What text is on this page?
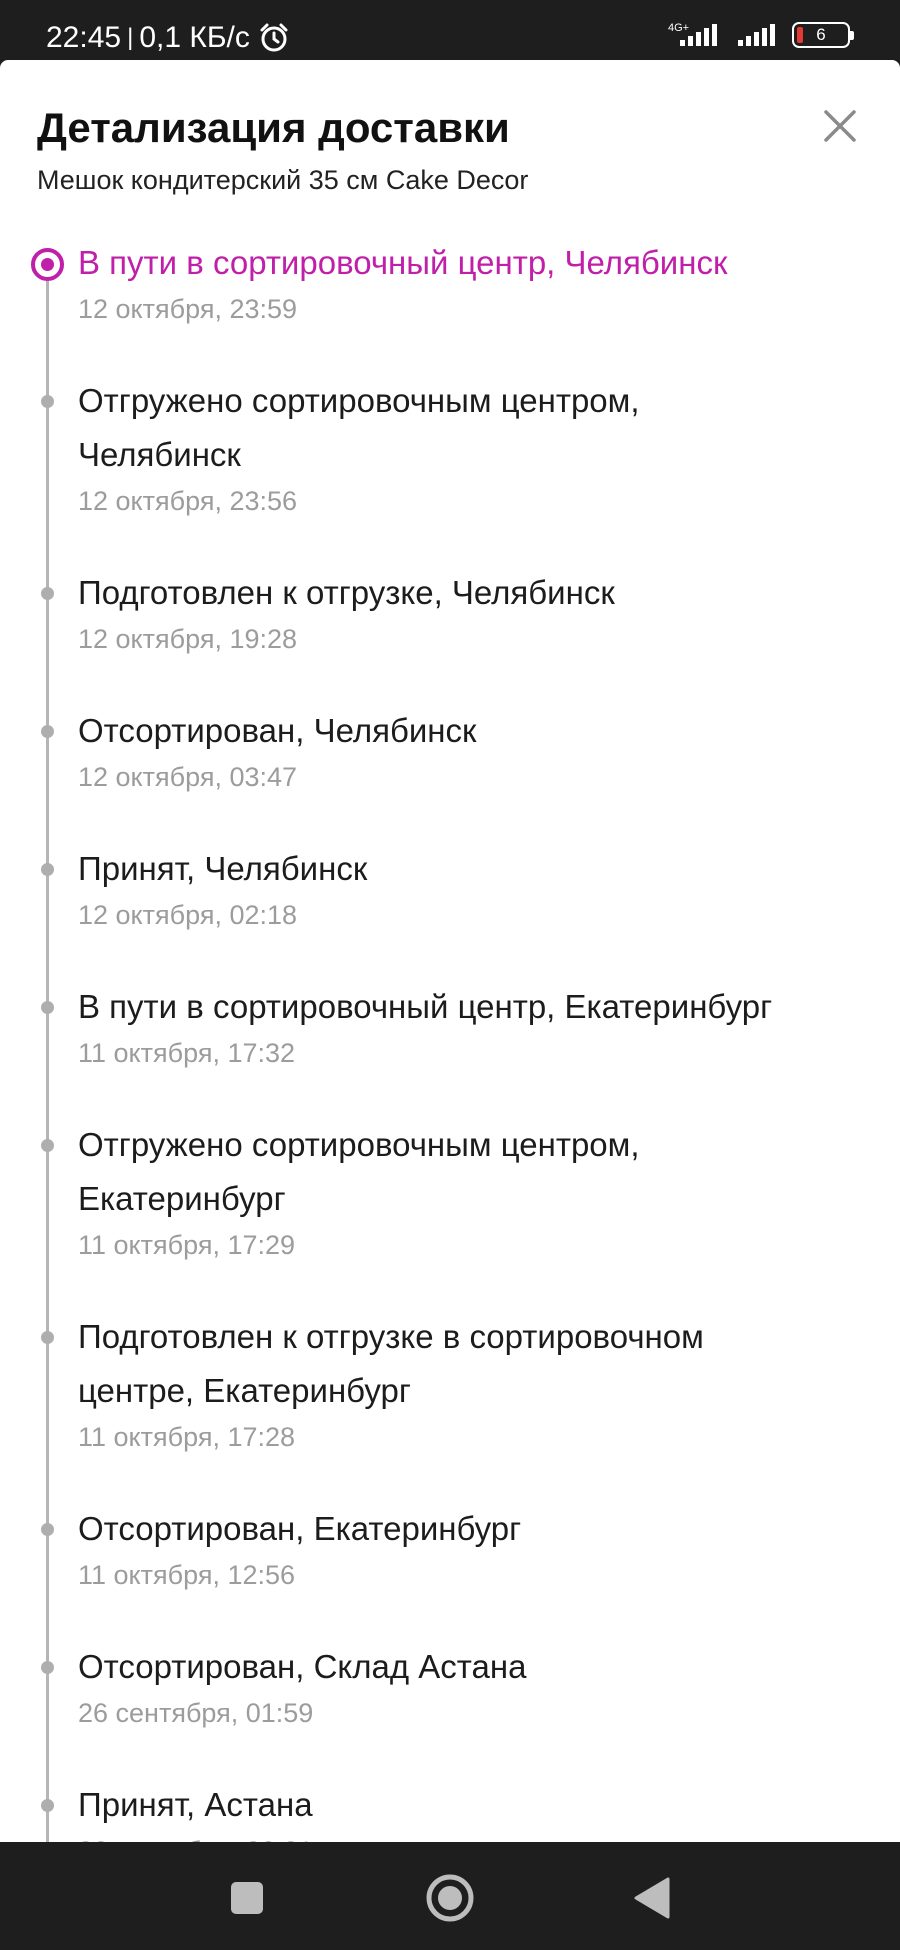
22:45 | 0,1 КБ/с	4G+	6
Детализация доставки
Мешок кондитерский 35 см Cake Decor
В пути в сортировочный центр, Челябинск
12 октября, 23:59
Отгружено сортировочным центром,
Челябинск
12 октября, 23:56
Подготовлен к отгрузке, Челябинск
12 октября, 19:28
Отсортирован, Челябинск
12 октября, 03:47
Принят, Челябинск
12 октября, 02:18
В пути в сортировочный центр, Екатеринбург
11 октября, 17:32
Отгружено сортировочным центром,
Екатеринбург
11 октября, 17:29
Подготовлен к отгрузке в сортировочном
центре, Екатеринбург
11 октября, 17:28
Отсортирован, Екатеринбург
11 октября, 12:56
Отсортирован, Склад Астана
26 сентября, 01:59
Принят, Астана
